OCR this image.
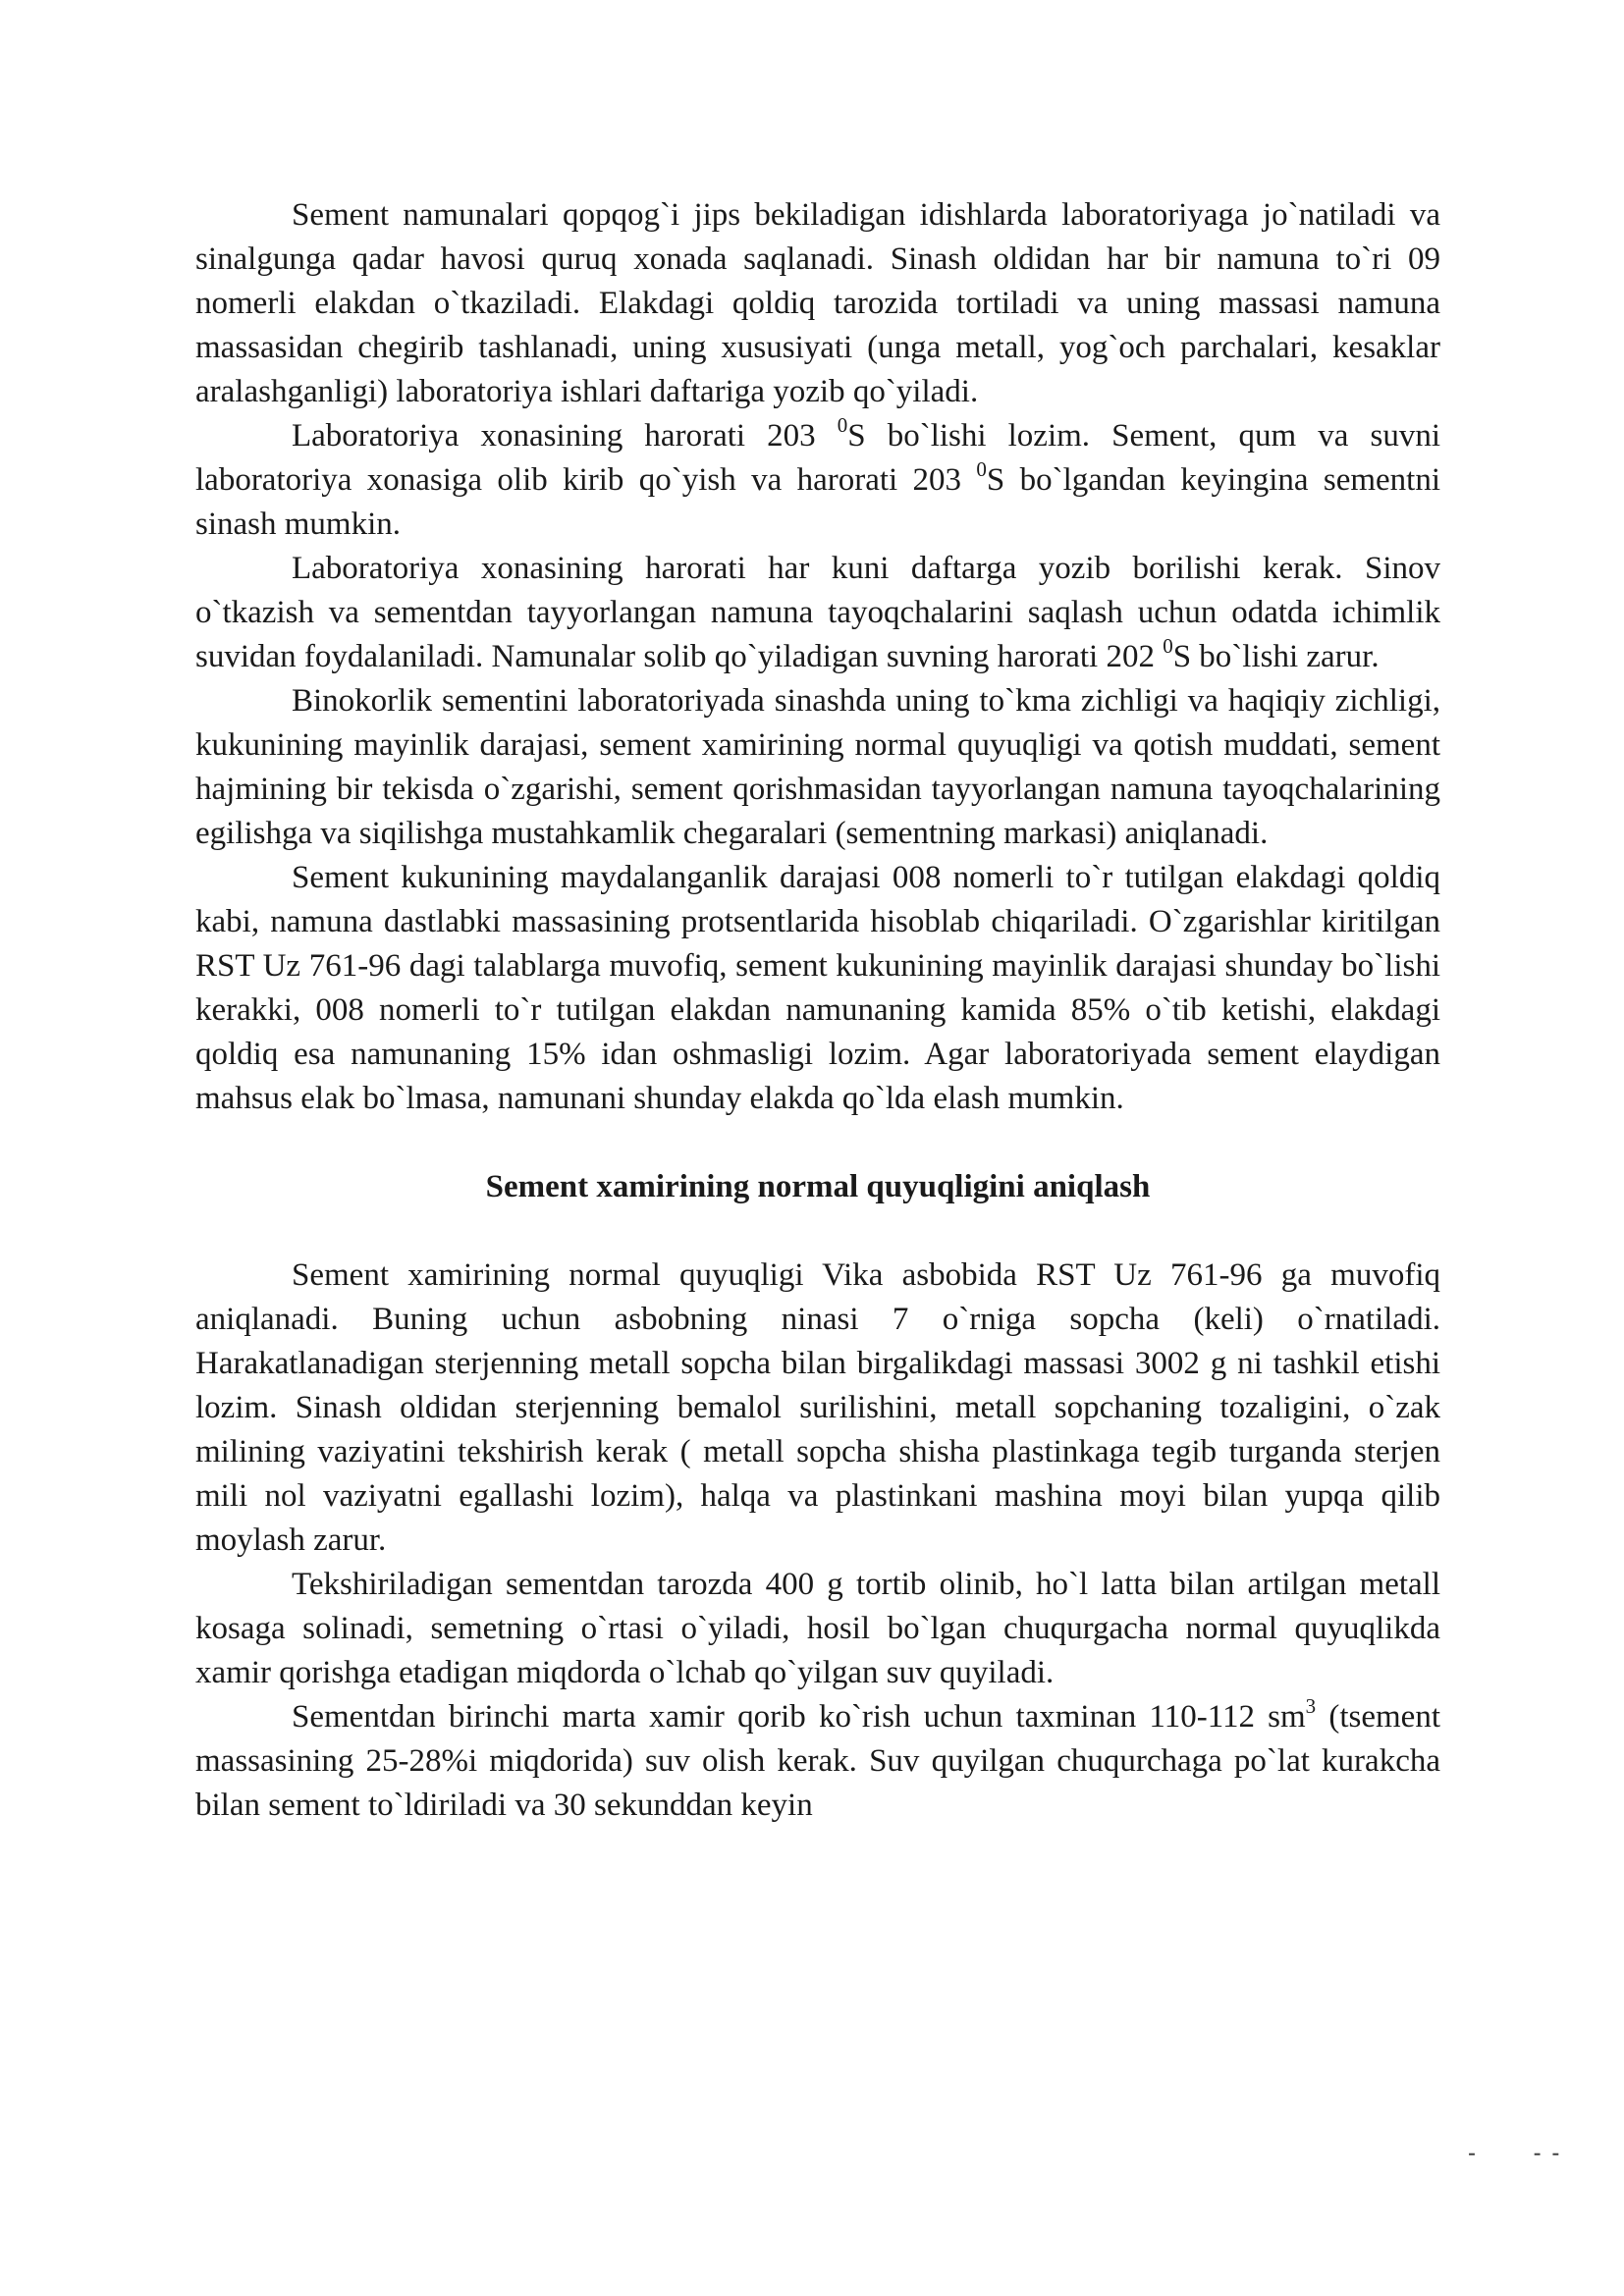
Sement namunalari qopqog`i jips bekiladigan idishlarda laboratoriyaga jo`natiladi va sinalgunga qadar havosi quruq xonada saqlanadi. Sinash oldidan har bir namuna to`ri 09 nomerli elakdan o`tkaziladi. Elakdagi qoldiq tarozida tortiladi va uning massasi namuna massasidan chegirib tashlanadi, uning xususiyati (unga metall, yog`och parchalari, kesaklar aralashganligi) laboratoriya ishlari daftariga yozib qo`yiladi.

Laboratoriya xonasining harorati 203 $^0$S bo`lishi lozim. Sement, qum va suvni laboratoriya xonasiga olib kirib qo`yish va harorati 203 $^0$S bo`lgandan keyingina sementni sinash mumkin.

Laboratoriya xonasining harorati har kuni daftarga yozib borilishi kerak. Sinov o`tkazish va sementdan tayyorlangan namuna tayoqchalarini saqlash uchun odatda ichimlik suvidan foydalaniladi. Namunalar solib qo`yiladigan suvning harorati 202 $^0$S bo`lishi zarur.

Binokorlik sementini laboratoriyada sinashda uning to`kma zichligi va haqiqiy zichligi, kukunining mayinlik darajasi, sement xamirining normal quyuqligi va qotish muddati, sement hajmining bir tekisda o`zgarishi, sement qorishmasidan tayyorlangan namuna tayoqchalarining egilishga va siqilishga mustahkamlik chegaralari (sementning markasi) aniqlanadi.

Sement kukunining maydalanganlik darajasi 008 nomerli to`r tutilgan elakdagi qoldiq kabi, namuna dastlabki massasining protsentlarida hisoblab chiqariladi. O`zgarishlar kiritilgan RST Uz 761-96 dagi talablarga muvofiq, sement kukunining mayinlik darajasi shunday bo`lishi kerakki, 008 nomerli to`r tutilgan elakdan namunaning kamida 85% o`tib ketishi, elakdagi qoldiq esa namunaning 15% idan oshmasligi lozim. Agar laboratoriyada sement elaydigan mahsus elak bo`lmasa, namunani shunday elakda qo`lda elash mumkin.

Sement xamirining normal quyuqligini aniqlash

Sement xamirining normal quyuqligi Vika asbobida RST Uz 761-96 ga muvofiq aniqlanadi. Buning uchun asbobning ninasi 7 o`rniga sopcha (keli) o`rnatiladi. Harakatlanadigan sterjenning metall sopcha bilan birgalikdagi massasi 3002 g ni tashkil etishi lozim. Sinash oldidan sterjenning bemalol surilishini, metall sopchaning tozaligini, o`zak milining vaziyatini tekshirish kerak ( metall sopcha shisha plastinkaga tegib turganda sterjen mili nol vaziyatni egallashi lozim), halqa va plastinkani mashina moyi bilan yupqa qilib moylash zarur.

Tekshiriladigan sementdan tarozda 400 g tortib olinib, ho`l latta bilan artilgan metall kosaga solinadi, semetning o`rtasi o`yiladi, hosil bo`lgan chuqurgacha normal quyuqlikda xamir qorishga etadigan miqdorda o`lchab qo`yilgan suv quyiladi.

Sementdan birinchi marta xamir qorib ko`rish uchun taxminan 110-112 $sm^3$ (tsement massasining 25-28%i miqdorida) suv olish kerak. Suv quyilgan chuqurchaga po`lat kurakcha bilan sement to`ldiriladi va 30 sekunddan keyin

- - -
